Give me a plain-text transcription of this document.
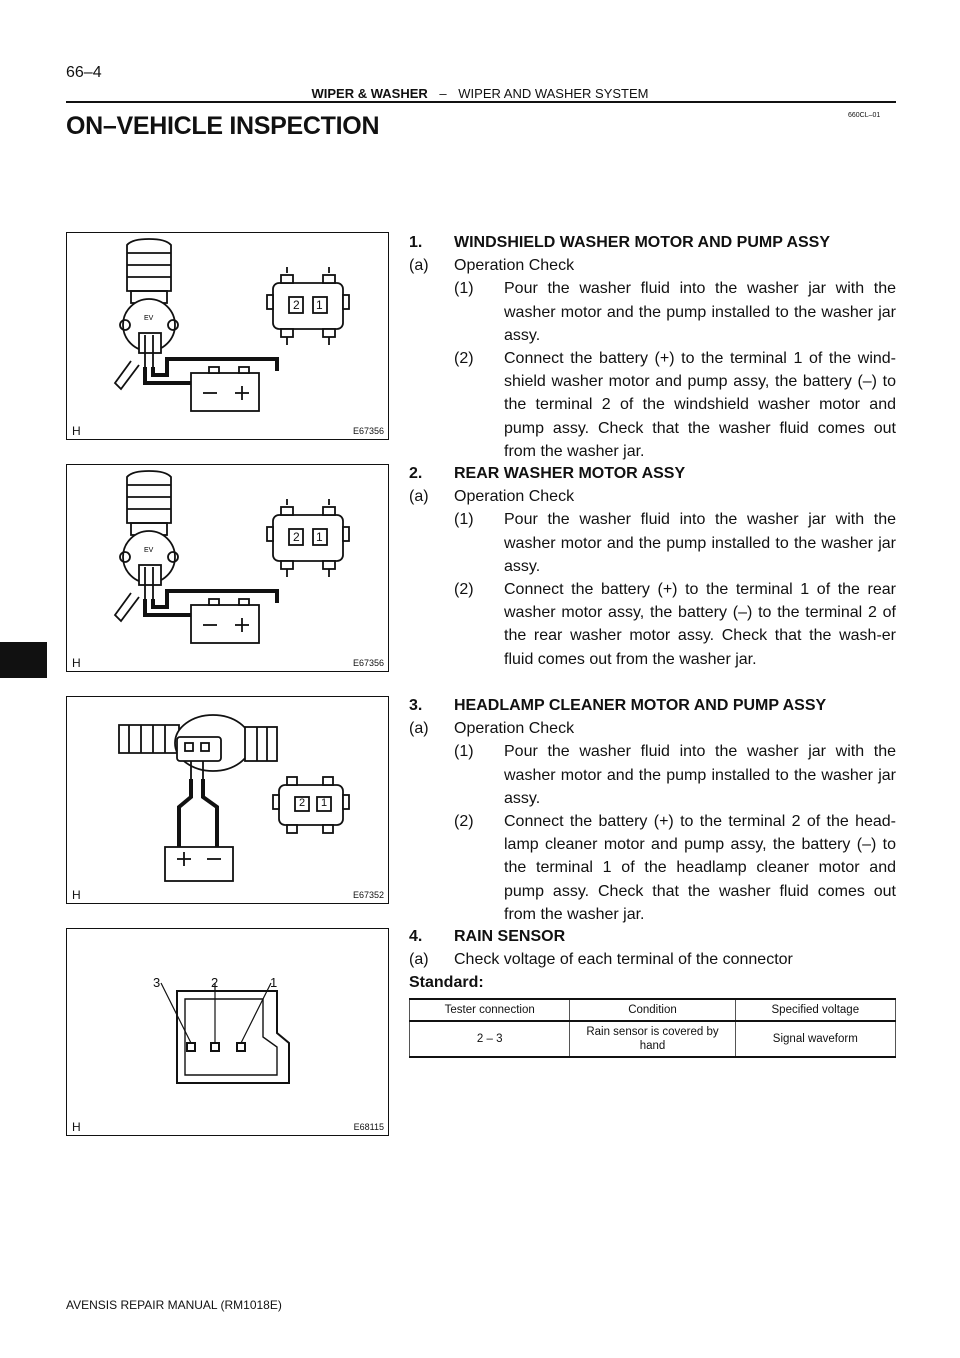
66–4
WIPER & WASHER – WIPER AND WASHER SYSTEM
660CL–01
ON–VEHICLE INSPECTION
EV
2 1
H	E67356
EV
2 1
H	E67356
2 1
H	E67352
3	2	1
H	E68115
1.	WINDSHIELD WASHER MOTOR AND PUMP ASSY
(a)	Operation Check
(1)	Pour the washer fluid into the washer jar with the washer motor and the pump installed to the washer jar assy.
(2)	Connect the battery (+) to the terminal 1 of the wind-shield washer motor and pump assy, the battery (–) to the terminal 2 of the windshield washer motor and pump assy. Check that the washer fluid comes out from the washer jar.
2.	REAR WASHER MOTOR ASSY
(a)	Operation Check
(1)	Pour the washer fluid into the washer jar with the washer motor and the pump installed to the washer jar assy.
(2)	Connect the battery (+) to the terminal 1 of the rear washer motor assy, the battery (–) to the terminal 2 of the rear washer motor assy. Check that the wash-er fluid comes out from the washer jar.
3.	HEADLAMP CLEANER MOTOR AND PUMP ASSY
(a)	Operation Check
(1)	Pour the washer fluid into the washer jar with the washer motor and the pump installed to the washer jar assy.
(2)	Connect the battery (+) to the terminal 2 of the head-lamp cleaner motor and pump assy, the battery (–) to the terminal 1 of the headlamp cleaner motor and pump assy. Check that the washer fluid comes out from the washer jar.
4.	RAIN SENSOR
(a)	Check voltage of each terminal of the connector
Standard:
Tester connection	Condition	Specified voltage
2 – 3	Rain sensor is covered by hand	Signal waveform
AVENSIS REPAIR MANUAL (RM1018E)
